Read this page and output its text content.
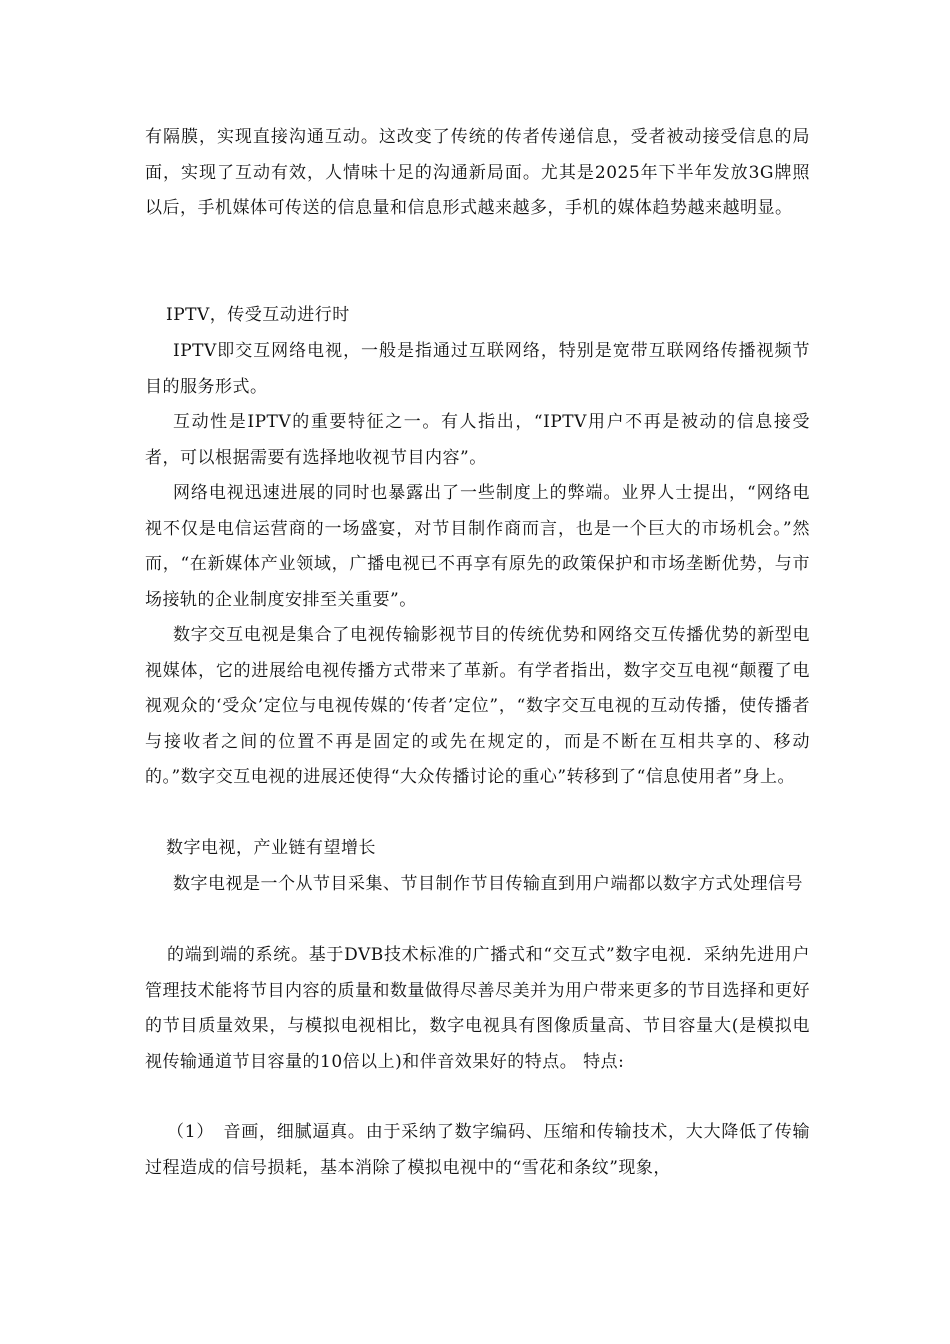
有隔膜，实现直接沟通互动。这改变了传统的传者传递信息，受者被动接受信息的局面，实现了互动有效，人情味十足的沟通新局面。尤其是2025年下半年发放3G牌照以后，手机媒体可传送的信息量和信息形式越来越多，手机的媒体趋势越来越明显。

IPTV，传受互动进行时

IPTV即交互网络电视，一般是指通过互联网络，特别是宽带互联网络传播视频节目的服务形式。

互动性是IPTV的重要特征之一。有人指出，“IPTV用户不再是被动的信息接受者，可以根据需要有选择地收视节目内容”。

网络电视迅速进展的同时也暴露出了一些制度上的弊端。业界人士提出，“网络电视不仅是电信运营商的一场盛宴，对节目制作商而言，也是一个巨大的市场机会。”然而，“在新媒体产业领域，广播电视已不再享有原先的政策保护和市场垄断优势，与市场接轨的企业制度安排至关重要”。

数字交互电视是集合了电视传输影视节目的传统优势和网络交互传播优势的新型电视媒体，它的进展给电视传播方式带来了革新。有学者指出，数字交互电视“颠覆了电视观众的‘受众’定位与电视传媒的‘传者’定位”，“数字交互电视的互动传播，使传播者与接收者之间的位置不再是固定的或先在规定的，而是不断在互相共享的、移动的。”数字交互电视的进展还使得“大众传播讨论的重心”转移到了“信息使用者”身上。

数字电视，产业链有望增长

数字电视是一个从节目采集、节目制作节目传输直到用户端都以数字方式处理信号

的端到端的系统。基于DVB技术标准的广播式和“交互式”数字电视．采纳先进用户管理技术能将节目内容的质量和数量做得尽善尽美并为用户带来更多的节目选择和更好的节目质量效果，与模拟电视相比，数字电视具有图像质量高、节目容量大(是模拟电视传输通道节目容量的10倍以上)和伴音效果好的特点。 特点:

（1）　音画，细腻逼真。由于采纳了数字编码、压缩和传输技术，大大降低了传输过程造成的信号损耗，基本消除了模拟电视中的“雪花和条纹”现象，
